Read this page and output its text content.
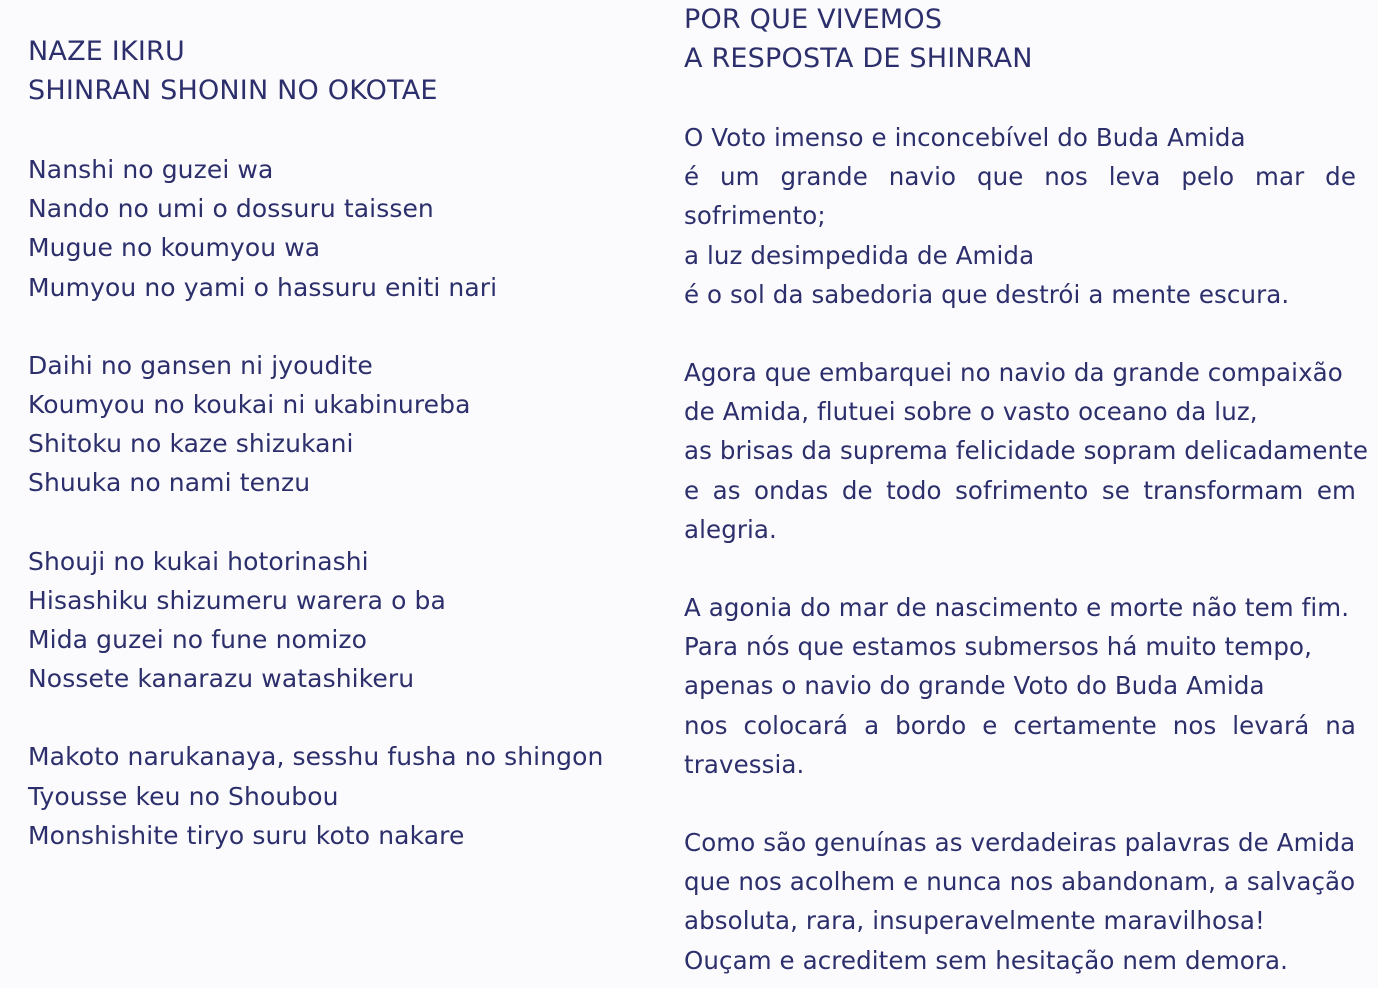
NAZE IKIRU
SHINRAN SHONIN NO OKOTAE
Nanshi no guzei wa
Nando no umi o dossuru taissen
Mugue no koumyou wa
Mumyou no yami o hassuru eniti nari
Daihi no gansen ni jyoudite
Koumyou no koukai ni ukabinureba
Shitoku no kaze shizukani
Shuuka no nami tenzu
Shouji no kukai hotorinashi
Hisashiku shizumeru warera o ba
Mida guzei no fune nomizo
Nossete kanarazu watashikeru
Makoto narukanaya, sesshu fusha no shingon
Tyousse keu no Shoubou
Monshishite tiryo suru koto nakare
POR QUE VIVEMOS
A RESPOSTA DE SHINRAN
O Voto imenso e inconcebível do Buda Amida
é um grande navio que nos leva pelo mar de
sofrimento;
a luz desimpedida de Amida
é o sol da sabedoria que destrói a mente escura.
Agora que embarquei no navio da grande compaixão
de Amida, flutuei sobre o vasto oceano da luz,
as brisas da suprema felicidade sopram delicadamente
e as ondas de todo sofrimento se transformam em
alegria.
A agonia do mar de nascimento e morte não tem fim.
Para nós que estamos submersos há muito tempo,
apenas o navio do grande Voto do Buda Amida
nos colocará a bordo e certamente nos levará na
travessia.
Como são genuínas as verdadeiras palavras de Amida
que nos acolhem e nunca nos abandonam, a salvação
absoluta, rara, insuperavelmente maravilhosa!
Ouçam e acreditem sem hesitação nem demora.
